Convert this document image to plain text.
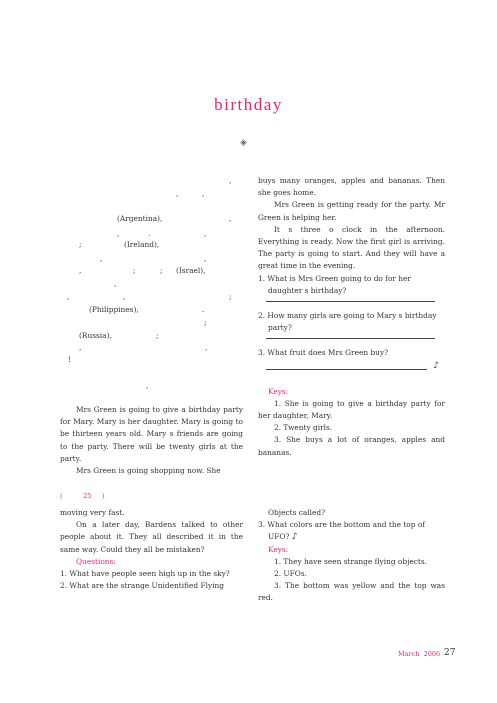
birthday
◈
,
,	,
(Argentina),	,
.
,	,
;	(Ireland),
,	,
,	;	; (Israel),
,
,	,	;
(Philippines),	.
;
(Russia),	;
,	,
!
,

Mrs Green is going to give a birthday party for Mary. Mary is her daughter. Mary is going to be thirteen years old. Mary s friends are going to the party. There will be twenty girls at the party.

Mrs Green is going shopping now. She

buys many oranges, apples and bananas. Then she goes home.

Mrs Green is getting ready for the party. Mr Green is helping her.

It s three o clock in the afternoon. Everything is ready. Now the first girl is arriving. The party is going to start. And they will have a great time in the evening.

1. What is Mrs Green going to do for her daughter s birthday?
2. How many girls are going to Mary s birthday party?
3. What fruit does Mrs Green buy?
♪
Keys:

1. She is going to give a birthday party for her daughter, Mary.

2. Twenty girls.

3. She buys a lot of oranges, apples and bananas.

(          25     )

moving very fast.

On a later day, Bardens talked to other people about it. They all described it in the same way. Could they all be mistaken?

Questions:
1. What have people seen high up in the sky?
2. What are the strange Unidentified Flying
Objects called?
3. What colors are the bottom and the top of UFO? ♪
Keys:

1. They have seen strange flying objects.

2. UFOs.

3. The bottom was yellow and the top was red.

March 2006 27
